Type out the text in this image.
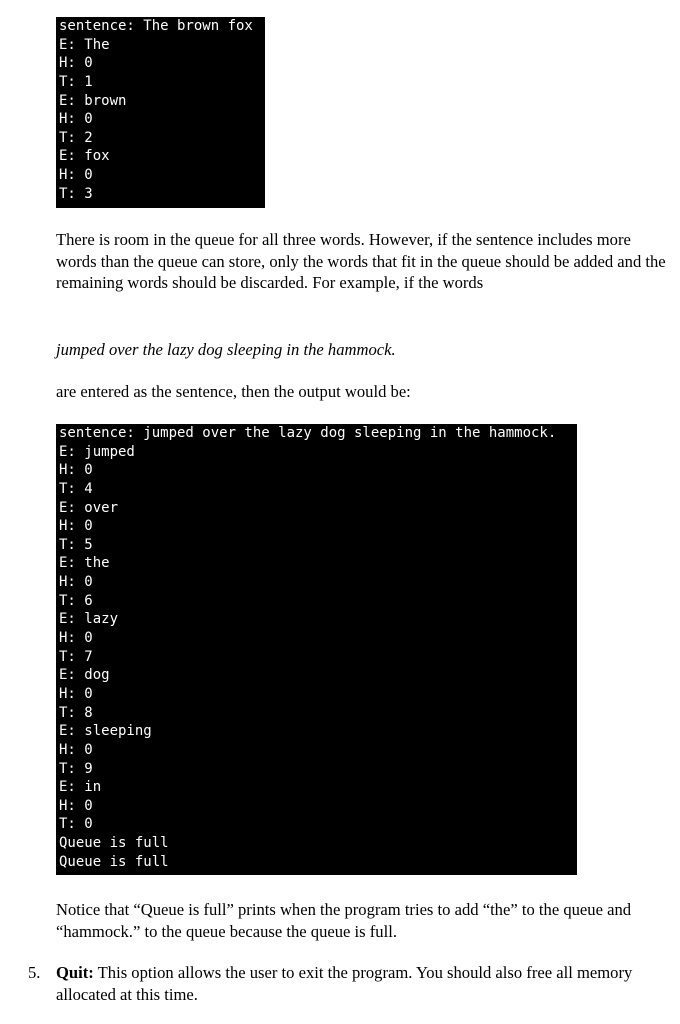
sentence: The brown fox
E: The
H: 0
T: 1
E: brown
H: 0
T: 2
E: fox
H: 0
T: 3
There is room in the queue for all three words. However, if the sentence includes more words than the queue can store, only the words that fit in the queue should be added and the remaining words should be discarded. For example, if the words
jumped over the lazy dog sleeping in the hammock.
are entered as the sentence, then the output would be:
sentence: jumped over the lazy dog sleeping in the hammock.
E: jumped
H: 0
T: 4
E: over
H: 0
T: 5
E: the
H: 0
T: 6
E: lazy
H: 0
T: 7
E: dog
H: 0
T: 8
E: sleeping
H: 0
T: 9
E: in
H: 0
T: 0
Queue is full
Queue is full
Notice that “Queue is full” prints when the program tries to add “the” to the queue and “hammock.” to the queue because the queue is full.
5. Quit: This option allows the user to exit the program. You should also free all memory allocated at this time.
